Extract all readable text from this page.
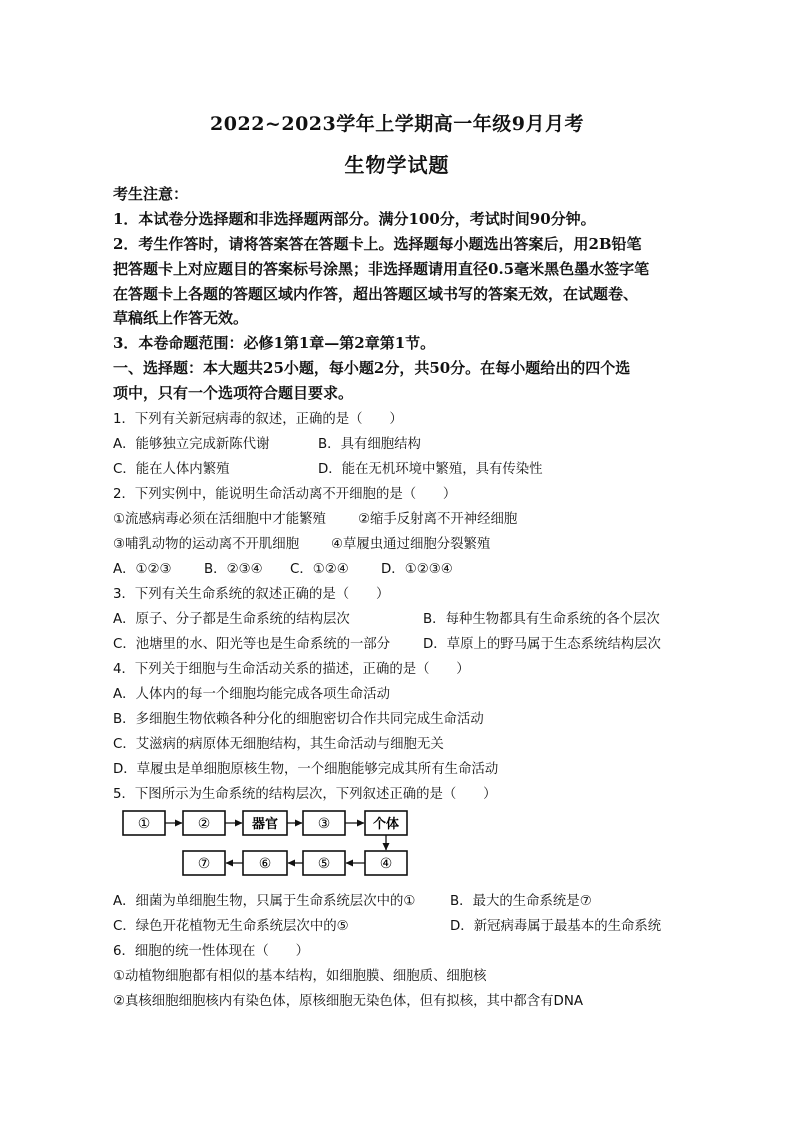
2022~2023学年上学期高一年级9月月考
生物学试题
考生注意：
1．本试卷分选择题和非选择题两部分。满分100分，考试时间90分钟。
2．考生作答时，请将答案答在答题卡上。选择题每小题选出答案后，用2B铅笔
把答题卡上对应题目的答案标号涂黑；非选择题请用直径0.5毫米黑色墨水签字笔
在答题卡上各题的答题区域内作答，超出答题区域书写的答案无效，在试题卷、
草稿纸上作答无效。
3．本卷命题范围：必修1第1章—第2章第1节。
一、选择题：本大题共25小题，每小题2分，共50分。在每小题给出的四个选
项中，只有一个选项符合题目要求。
1．下列有关新冠病毒的叙述，正确的是（　　）
A．能够独立完成新陈代谢	B．具有细胞结构
C．能在人体内繁殖	D．能在无机环境中繁殖，具有传染性
2．下列实例中，能说明生命活动离不开细胞的是（　　）
①流感病毒必须在活细胞中才能繁殖 ②缩手反射离不开神经细胞
③哺乳动物的运动离不开肌细胞 ④草履虫通过细胞分裂繁殖
A．①②③ B．②③④ C．①②④ D．①②③④
3．下列有关生命系统的叙述正确的是（　　）
A．原子、分子都是生命系统的结构层次	B．每种生物都具有生命系统的各个层次
C．池塘里的水、阳光等也是生命系统的一部分 D．草原上的野马属于生态系统结构层次
4．下列关于细胞与生命活动关系的描述，正确的是（　　）
A．人体内的每一个细胞均能完成各项生命活动
B．多细胞生物依赖各种分化的细胞密切合作共同完成生命活动
C．艾滋病的病原体无细胞结构，其生命活动与细胞无关
D．草履虫是单细胞原核生物，一个细胞能够完成其所有生命活动
5．下图所示为生命系统的结构层次，下列叙述正确的是（　　）
①	②	器官	③	个体
⑦	⑥	⑤	④
A．细菌为单细胞生物，只属于生命系统层次中的①	B．最大的生命系统是⑦
C．绿色开花植物无生命系统层次中的⑤	D．新冠病毒属于最基本的生命系统
6．细胞的统一性体现在（　　）
①动植物细胞都有相似的基本结构，如细胞膜、细胞质、细胞核
②真核细胞细胞核内有染色体，原核细胞无染色体，但有拟核，其中都含有DNA
